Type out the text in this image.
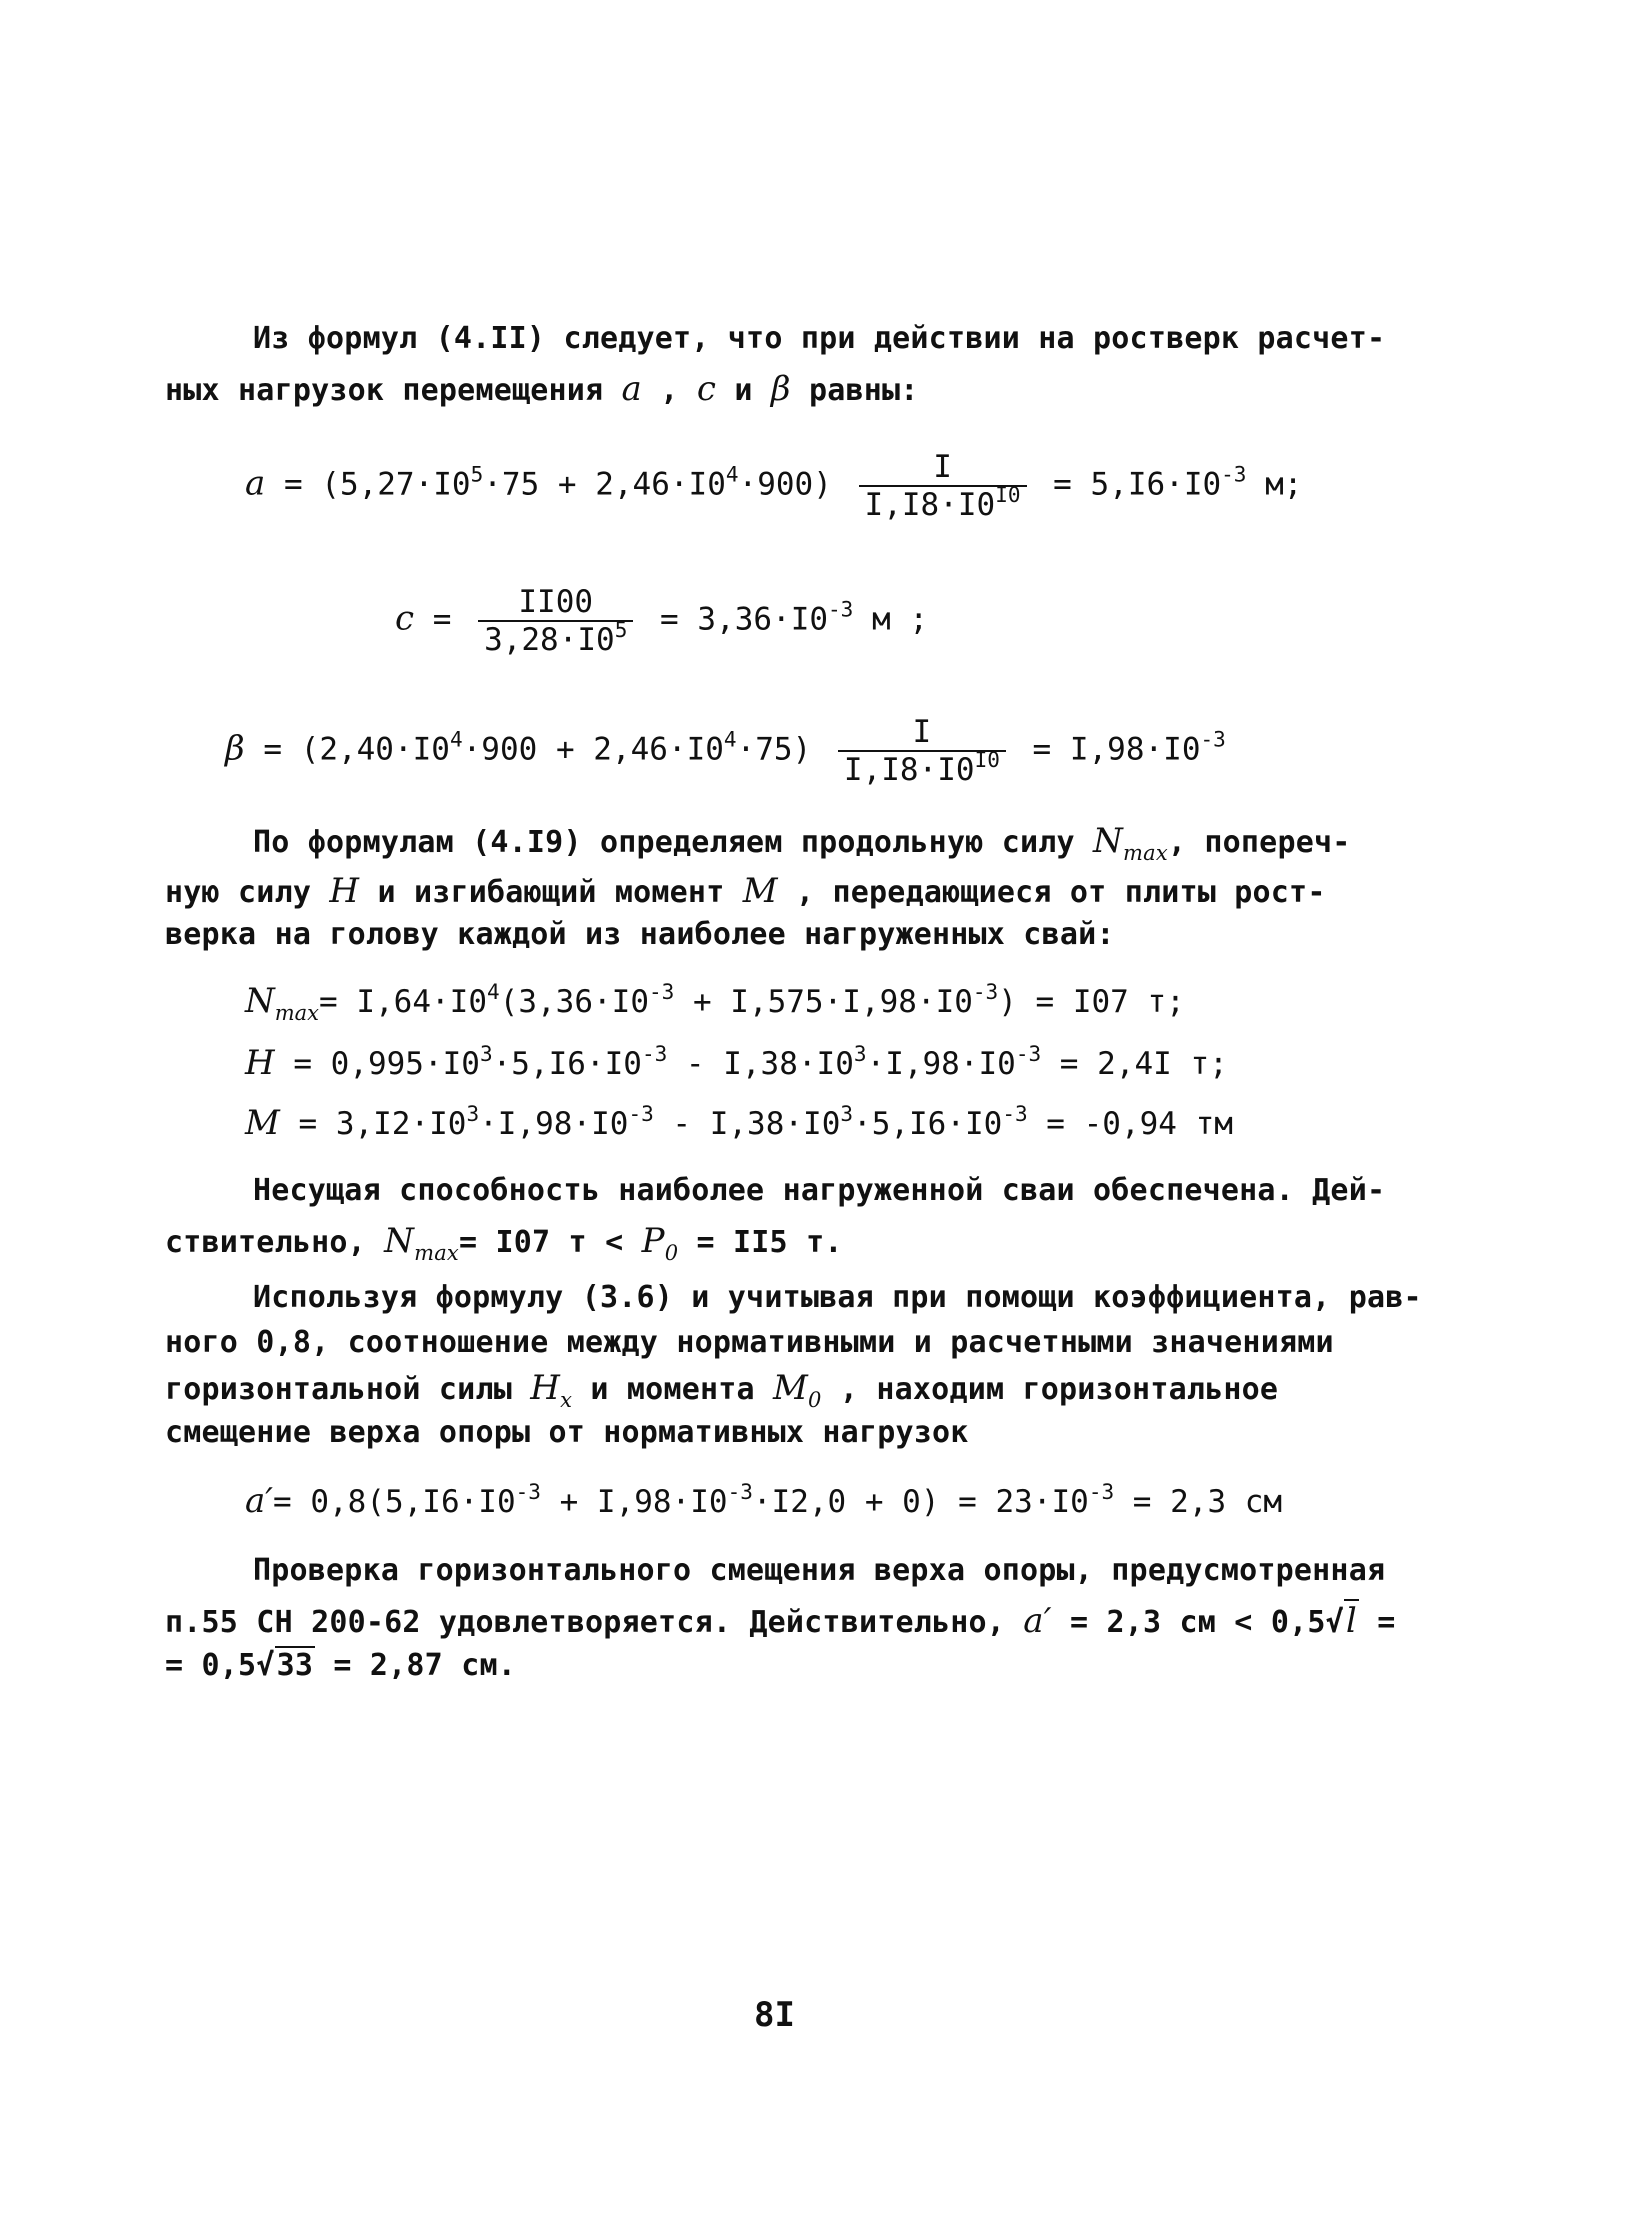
Из формул (4.II) следует, что при действии на ростверк расчет-
ных нагрузок перемещения a , c и β равны:
$a = (5,27\cdot I0^5\cdot 75 + 2,46\cdot I0^4\cdot 900) \frac{I}{I,I8\cdot I0^{I0}} = 5,I6\cdot I0^{-3}$ м;
$c = \frac{II00}{3,28\cdot I0^5} = 3,36\cdot I0^{-3}$ м ;
$\beta = (2,40\cdot I0^4\cdot 900 + 2,46\cdot I0^4\cdot 75) \frac{I}{I,I8\cdot I0^{I0}} = I,98\cdot I0^{-3}$
По формулам (4.I9) определяем продольную силу $N_{max}$, попереч-
ную силу H и изгибающий момент M , передающиеся от плиты рост-
верка на голову каждой из наиболее нагруженных свай:
$N_{max}= I,64\cdot I0^4(3,36\cdot I0^{-3} + I,575\cdot I,98\cdot I0^{-3}) = I07$ т;
$H = 0,995\cdot I0^3\cdot 5,I6\cdot I0^{-3} - I,38\cdot I0^3\cdot I,98\cdot I0^{-3} = 2,4I$ т;
$M = 3,I2\cdot I0^3\cdot I,98\cdot I0^{-3} - I,38\cdot I0^3\cdot 5,I6\cdot I0^{-3} = -0,94$ тм
Несущая способность наиболее нагруженной сваи обеспечена. Дей-
ствительно, $N_{max}= I07$ $т < P_0 = II5$ т.
Используя формулу (3.6) и учитывая при помощи коэффициента, рав-
ного 0,8, соотношение между нормативными и расчетными значениями
горизонтальной силы $H_x$ и момента $M_0$ , находим горизонтальное
смещение верха опоры от нормативных нагрузок
$a'= 0,8(5,I6\cdot I0^{-3} + I,98\cdot I0^{-3}\cdot I2,0 + 0) = 23\cdot I0^{-3} = 2,3$ см
Проверка горизонтального смещения верха опоры, предусмотренная
п.55 СН 200-62 удовлетворяется. Действительно, a′ = 2,3 см < 0,5√l =
= 0,5√33 = 2,87 см.
8I
